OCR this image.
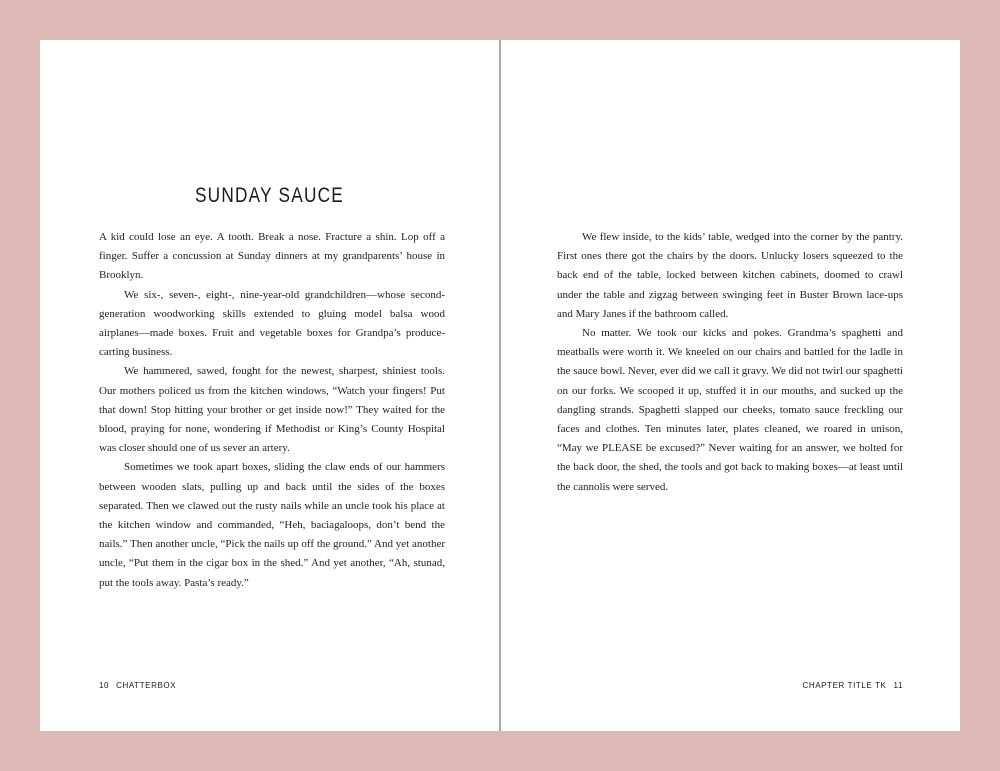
SUNDAY SAUCE

A kid could lose an eye. A tooth. Break a nose. Fracture a shin. Lop off a finger. Suffer a concussion at Sunday dinners at my grandparents’ house in Brooklyn.

We six-, seven-, eight-, nine-year-old grandchildren—whose second-generation woodworking skills extended to gluing model balsa wood airplanes—made boxes. Fruit and vegetable boxes for Grandpa’s produce-carting business.

We hammered, sawed, fought for the newest, sharpest, shiniest tools. Our mothers policed us from the kitchen windows, “Watch your fingers! Put that down! Stop hitting your brother or get inside now!” They waited for the blood, praying for none, wondering if Methodist or King’s County Hospital was closer should one of us sever an artery.

Sometimes we took apart boxes, sliding the claw ends of our hammers between wooden slats, pulling up and back until the sides of the boxes separated. Then we clawed out the rusty nails while an uncle took his place at the kitchen window and commanded, “Heh, baciagaloops, don’t bend the nails.” Then another uncle, “Pick the nails up off the ground.” And yet another uncle, “Put them in the cigar box in the shed.” And yet another, “Ah, stunad, put the tools away. Pasta’s ready.”

10 CHATTERBOX

We flew inside, to the kids’ table, wedged into the corner by the pantry. First ones there got the chairs by the doors. Unlucky losers squeezed to the back end of the table, locked between kitchen cabinets, doomed to crawl under the table and zigzag between swinging feet in Buster Brown lace-ups and Mary Janes if the bathroom called.

No matter. We took our kicks and pokes. Grandma’s spaghetti and meatballs were worth it. We kneeled on our chairs and battled for the ladle in the sauce bowl. Never, ever did we call it gravy. We did not twirl our spaghetti on our forks. We scooped it up, stuffed it in our mouths, and sucked up the dangling strands. Spaghetti slapped our cheeks, tomato sauce freckling our faces and clothes. Ten minutes later, plates cleaned, we roared in unison, “May we PLEASE be excused?” Never waiting for an answer, we bolted for the back door, the shed, the tools and got back to making boxes—at least until the cannolis were served.

CHAPTER TITLE TK 11
